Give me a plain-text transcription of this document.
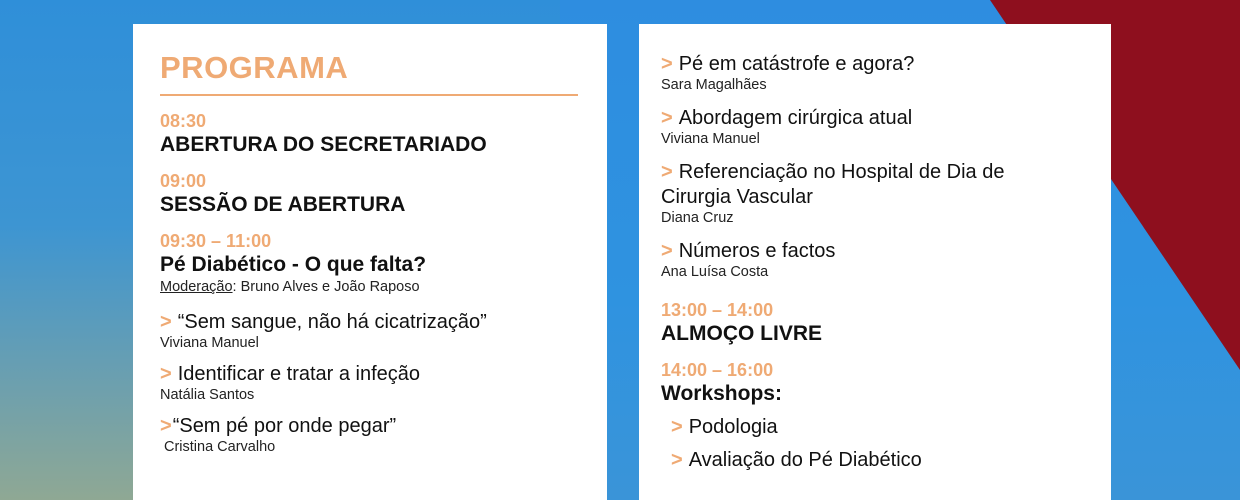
PROGRAMA
08:30
ABERTURA DO SECRETARIADO
09:00
SESSÃO DE ABERTURA
09:30 – 11:00
Pé Diabético - O que falta?
Moderação: Bruno Alves e João Raposo
> “Sem sangue, não há cicatrização”
Viviana Manuel
> Identificar e tratar a infeção
Natália Santos
>“Sem pé por onde pegar”
Cristina Carvalho
> Pé em catástrofe e agora?
Sara Magalhães
> Abordagem cirúrgica atual
Viviana Manuel
> Referenciação no Hospital de Dia de
Cirurgia Vascular
Diana Cruz
> Números e factos
Ana Luísa Costa
13:00 – 14:00
ALMOÇO LIVRE
14:00 – 16:00
Workshops:
> Podologia
> Avaliação do Pé Diabético
